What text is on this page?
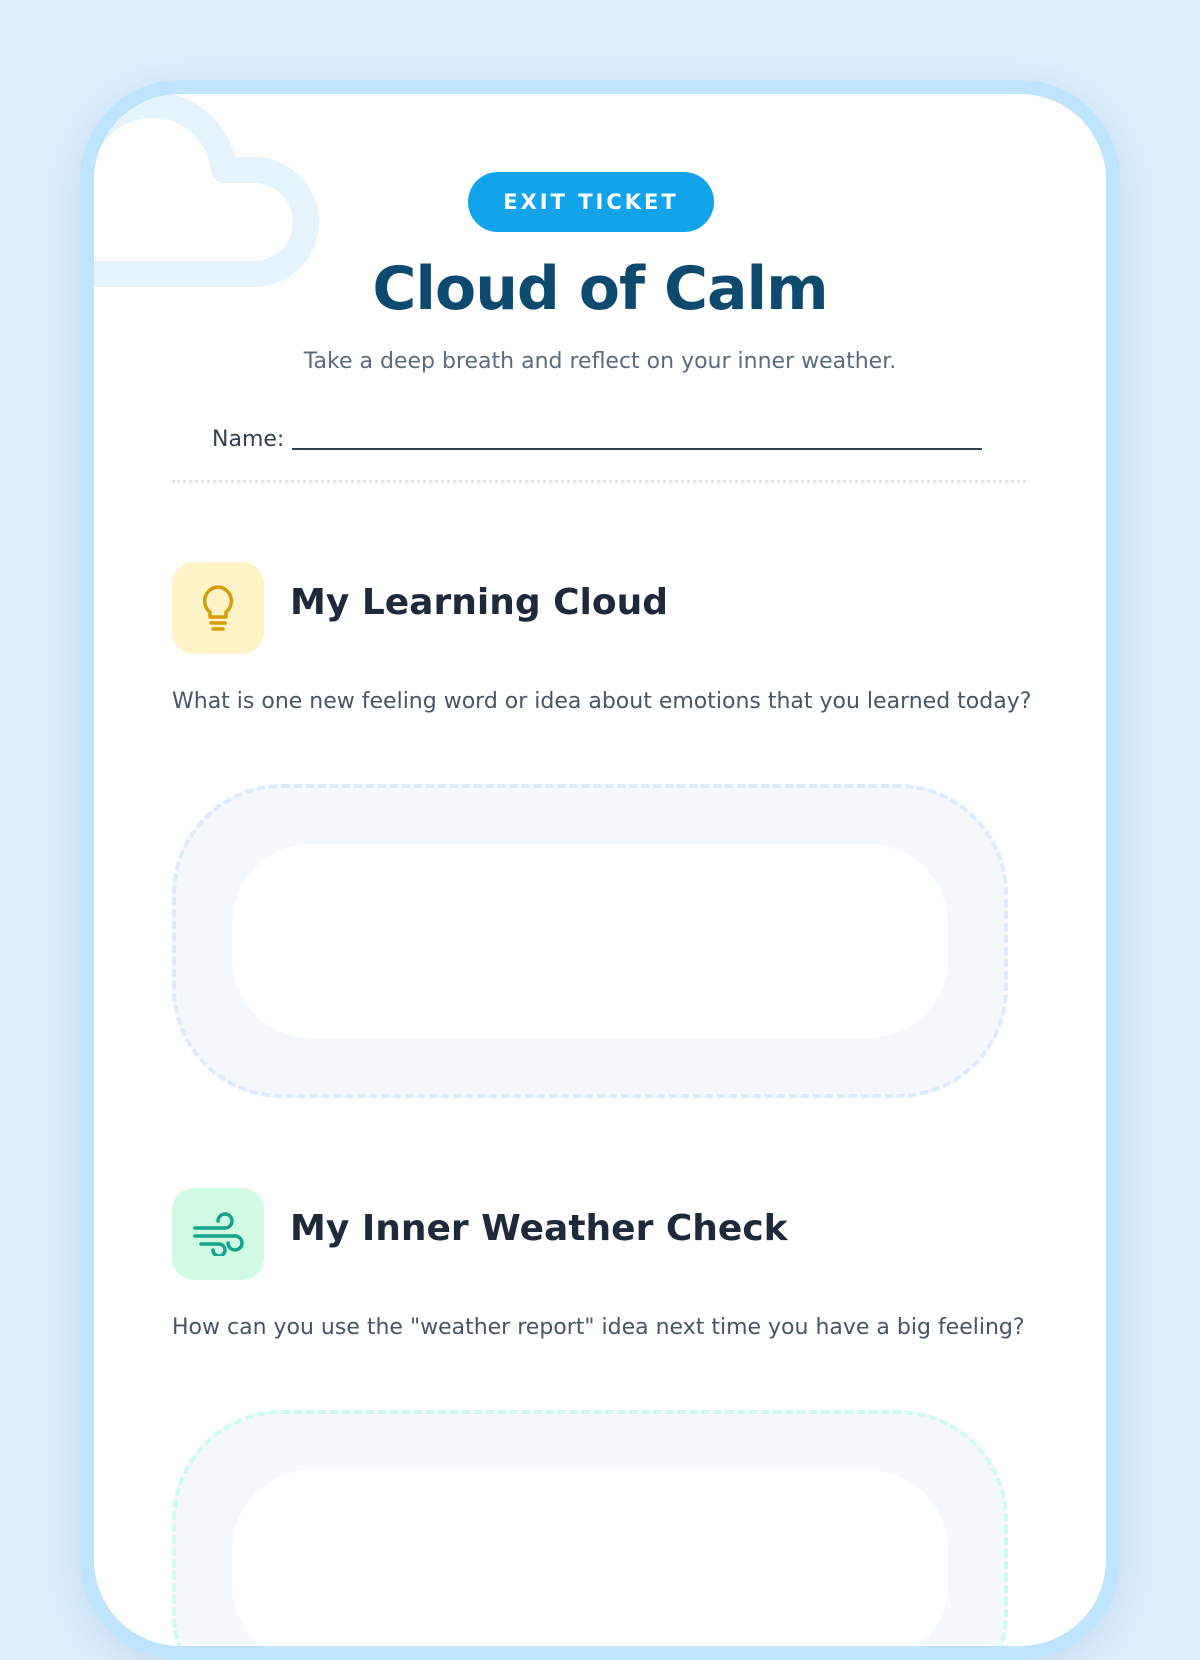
EXIT TICKET
Cloud of Calm

Take a deep breath and reflect on your inner weather.

Name:
My Learning Cloud

What is one new feeling word or idea about emotions that you learned today?

My Inner Weather Check

How can you use the "weather report" idea next time you have a big feeling?
